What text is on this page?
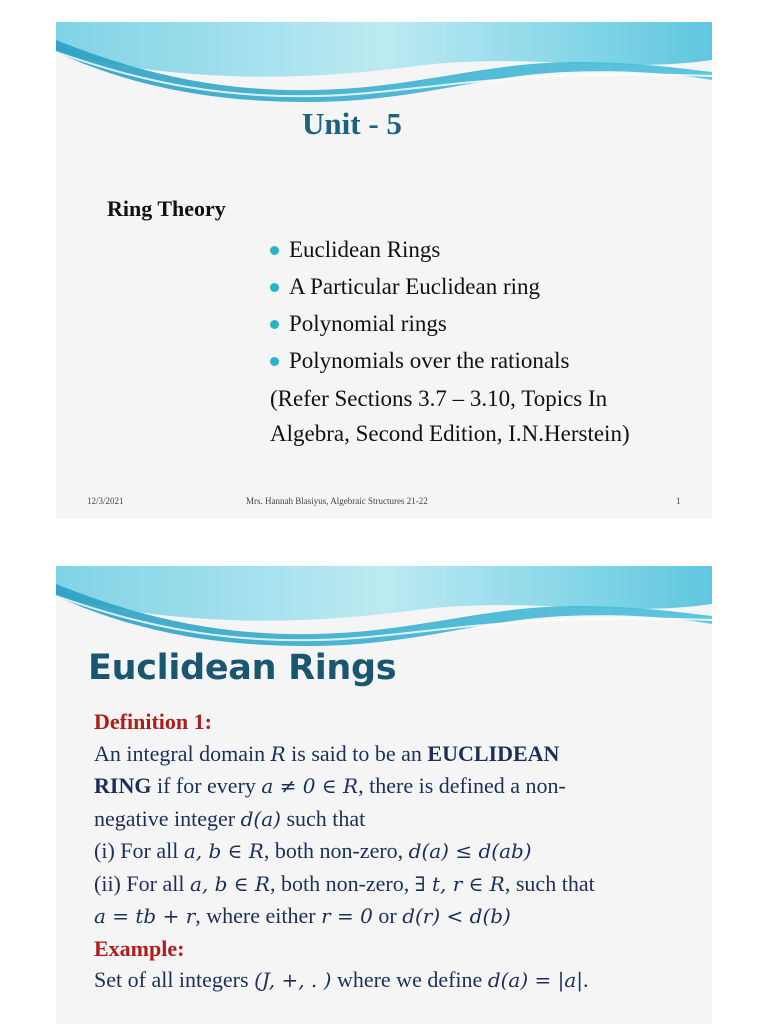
Unit - 5
Ring Theory
Euclidean Rings
A Particular Euclidean ring
Polynomial rings
Polynomials over the rationals
(Refer Sections 3.7 – 3.10, Topics In
Algebra, Second Edition, I.N.Herstein)
12/3/2021	Mrs. Hannah Blasiyus, Algebraic Structures 21-22	1
Euclidean Rings

Definition 1:

An integral domain R is said to be an EUCLIDEAN

RING if for every a ≠ 0 ∈ R, there is defined a non-

negative integer d(a) such that

(i) For all a, b ∈ R, both non-zero, d(a) ≤ d(ab)

(ii) For all a, b ∈ R, both non-zero, ∃ t, r ∈ R, such that

a = tb + r, where either r = 0 or d(r) < d(b)

Example:

Set of all integers (J, +, . ) where we define d(a) = |a|.
